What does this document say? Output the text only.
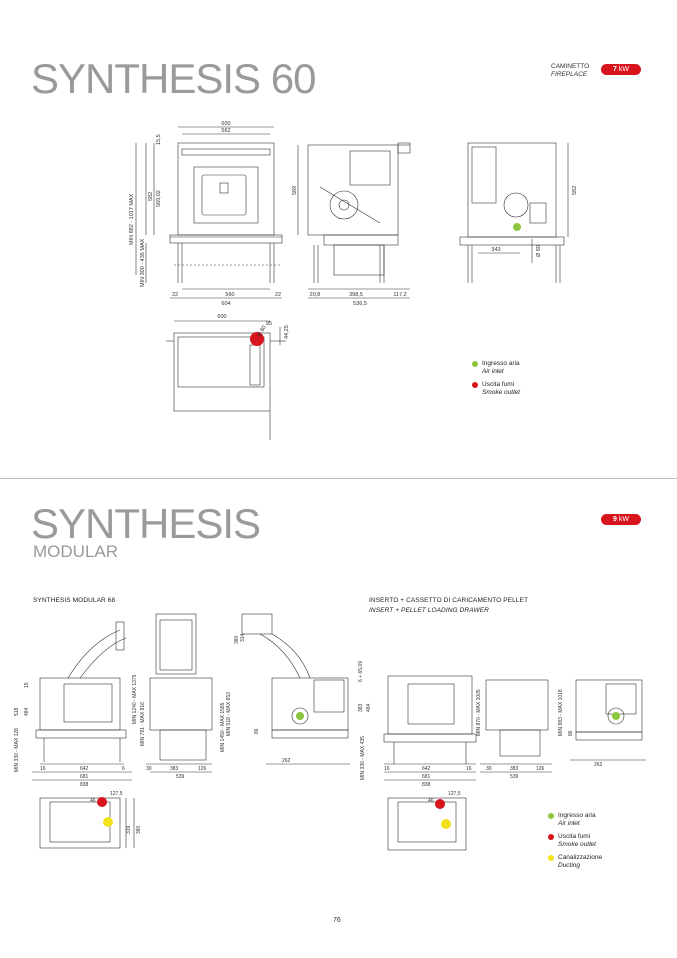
SYNTHESIS 60	CAMINETTO
FIREPLACE
7 kW
600
562
560
22	22
604
MIN 882 - 1017 MAX
MIN 300 - 435 MAX
582 565,02
15,5
569
20,8	398,5	117,2
536,5
582
343	Ø 80
600
95
44,25
Ø 80
Ingresso aria
Air inlet
Uscita fumi
Smoke outlet
SYNTHESIS
MODULAR
9 kW
SYNTHESIS MODULAR 68	INSERTO + CASSETTO DI CARICAMENTO PELLET
INSERT + PELLET LOADING DRAWER
15
518 484
MIN 330 - MAX 128	16	642	6
681
838
MIN 1240 - MAX 1375
MIN 781 - MAX 916
30	383	126
539
MIN 1450 - MAX 1585 MIN 518 - MAX 653
380 314
262
86
46
127,5
319 380
6 + 65,09
383 484
MIN 330 - MAX 435	16	642	16
681
838
MIN 870 - MAX 1005
30	383	126
539
MIN 883 - MAX 1018
262
86
46
127,5
Ingresso aria
Air inlet
Uscita fumi
Smoke outlet
Canalizzazione
Ducting
76
